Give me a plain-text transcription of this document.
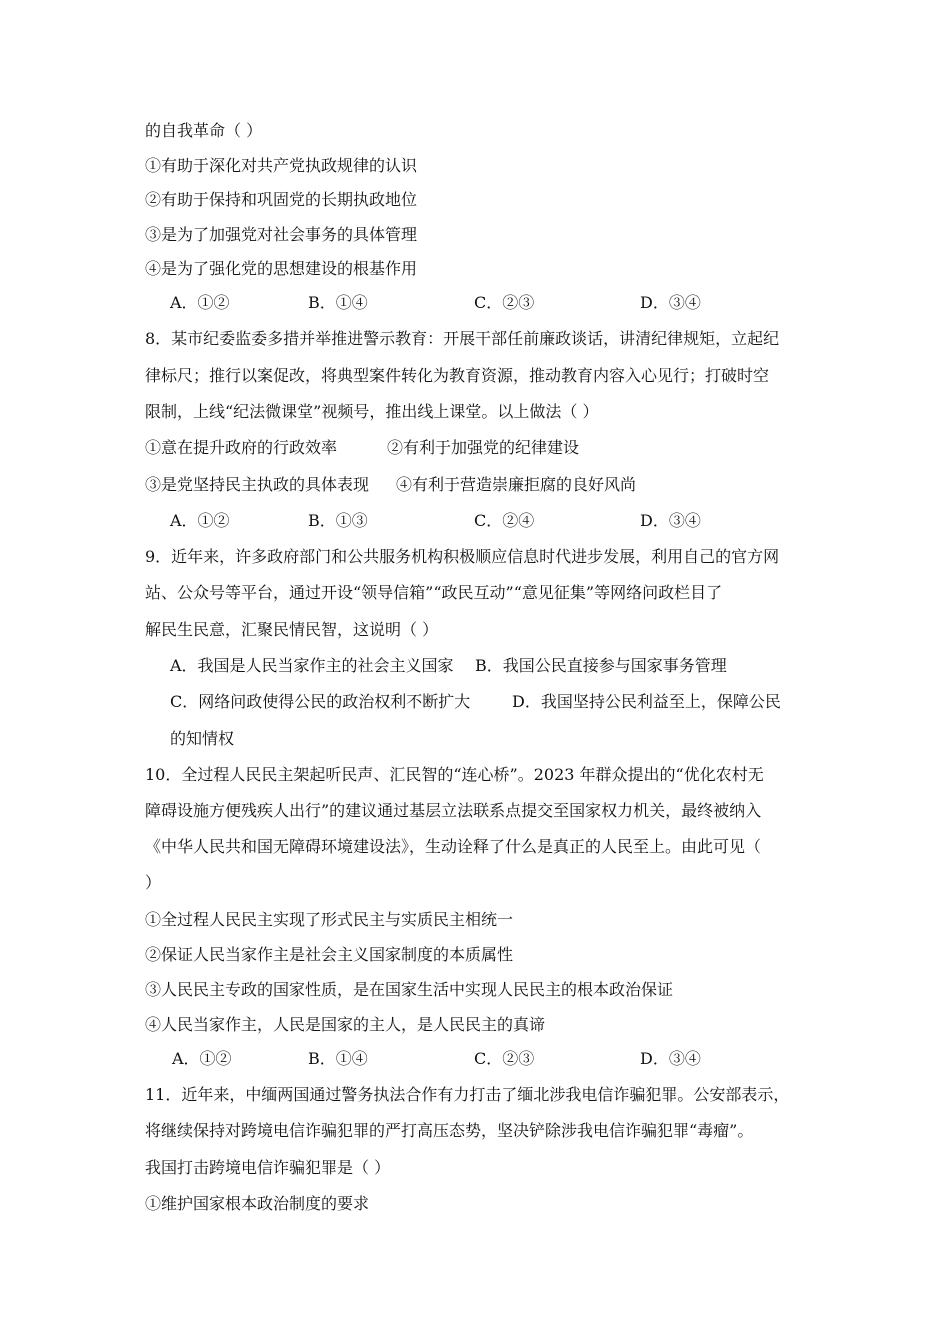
的自我革命（ ）
①有助于深化对共产党执政规律的认识
②有助于保持和巩固党的长期执政地位
③是为了加强党对社会事务的具体管理
④是为了强化党的思想建设的根基作用
A．①②	B．①④	C．②③	D．③④
8．某市纪委监委多措并举推进警示教育：开展干部任前廉政谈话，讲清纪律规矩，立起纪
律标尺；推行以案促改，将典型案件转化为教育资源，推动教育内容入心见行；打破时空
限制，上线“纪法微课堂”视频号，推出线上课堂。以上做法（ ）
①意在提升政府的行政效率	②有利于加强党的纪律建设
③是党坚持民主执政的具体表现 ④有利于营造崇廉拒腐的良好风尚
A．①②	B．①③	C．②④	D．③④
9．近年来，许多政府部门和公共服务机构积极顺应信息时代进步发展，利用自己的官方网
站、公众号等平台，通过开设“领导信箱”“政民互动”“意见征集”等网络问政栏目了
解民生民意，汇聚民情民智，这说明（ ）
A．我国是人民当家作主的社会主义国家 B．我国公民直接参与国家事务管理
C．网络问政使得公民的政治权利不断扩大	D．我国坚持公民利益至上，保障公民
的知情权
10．全过程人民民主架起听民声、汇民智的“连心桥”。2023 年群众提出的“优化农村无
障碍设施方便残疾人出行”的建议通过基层立法联系点提交至国家权力机关，最终被纳入
《中华人民共和国无障碍环境建设法》，生动诠释了什么是真正的人民至上。由此可见（
）
①全过程人民民主实现了形式民主与实质民主相统一
②保证人民当家作主是社会主义国家制度的本质属性
③人民民主专政的国家性质，是在国家生活中实现人民民主的根本政治保证
④人民当家作主，人民是国家的主人，是人民民主的真谛
A．①②	B．①④	C．②③	D．③④
11．近年来，中缅两国通过警务执法合作有力打击了缅北涉我电信诈骗犯罪。公安部表示，
将继续保持对跨境电信诈骗犯罪的严打高压态势，坚决铲除涉我电信诈骗犯罪“毒瘤”。
我国打击跨境电信诈骗犯罪是（ ）
①维护国家根本政治制度的要求
